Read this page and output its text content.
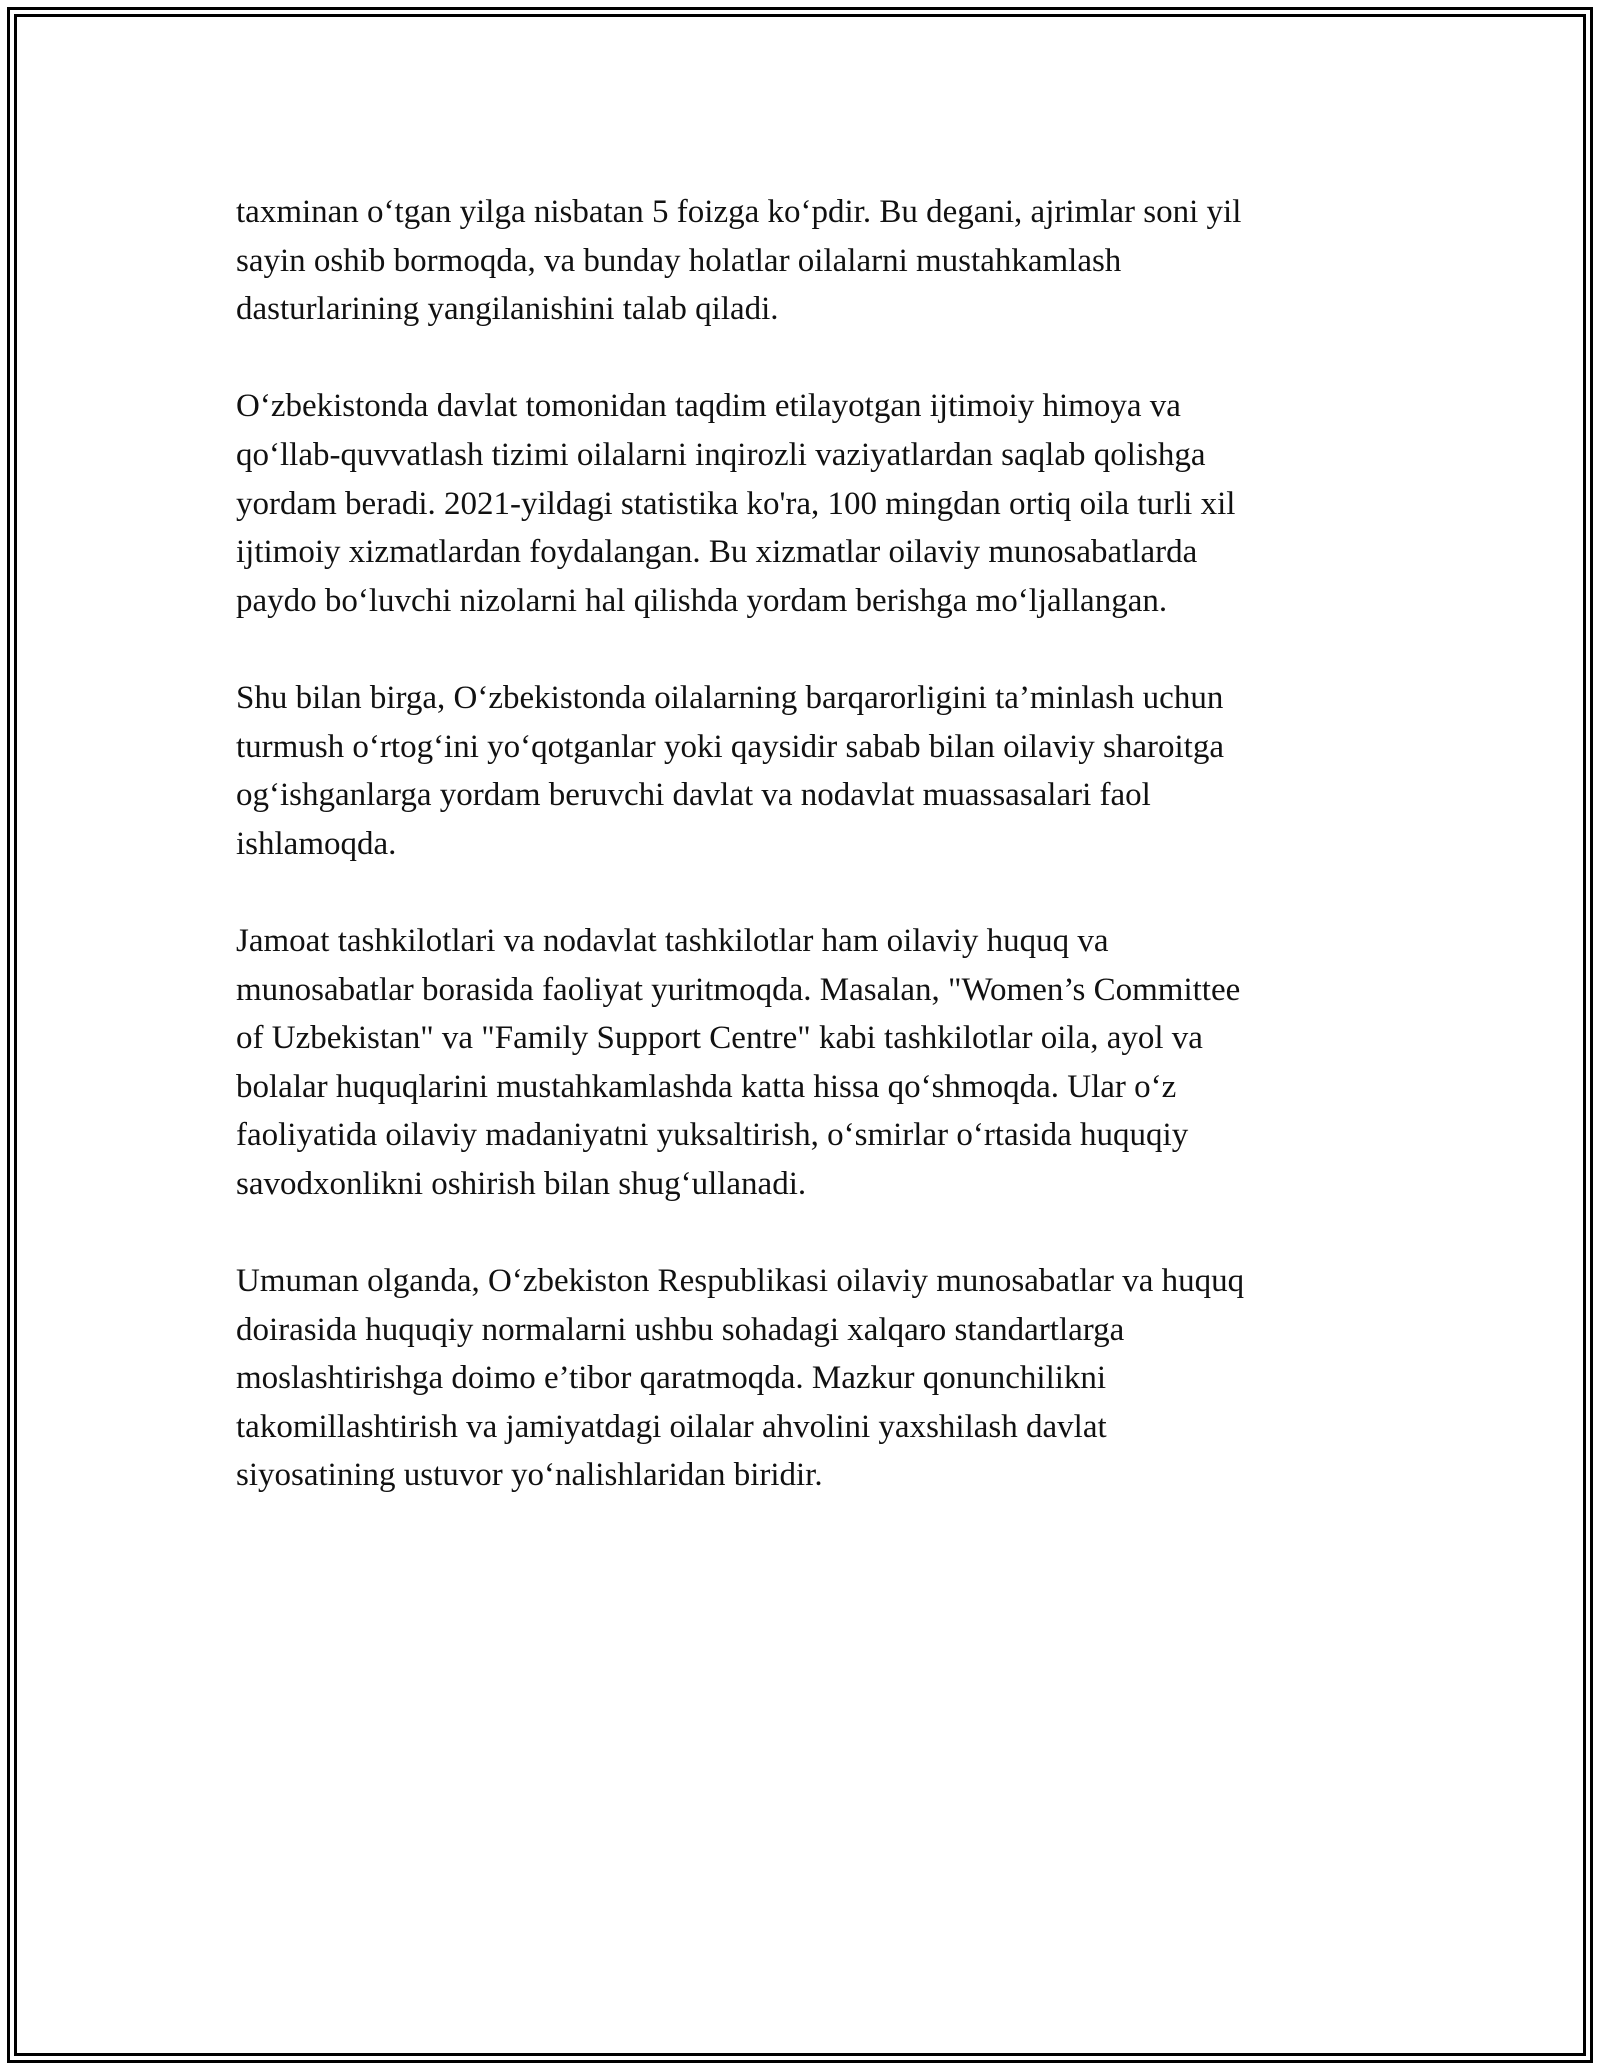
taxminan o‘tgan yilga nisbatan 5 foizga ko‘pdir. Bu degani, ajrimlar soni yil
sayin oshib bormoqda, va bunday holatlar oilalarni mustahkamlash
dasturlarining yangilanishini talab qiladi.

O‘zbekistonda davlat tomonidan taqdim etilayotgan ijtimoiy himoya va
qo‘llab-quvvatlash tizimi oilalarni inqirozli vaziyatlardan saqlab qolishga
yordam beradi. 2021-yildagi statistika ko'ra, 100 mingdan ortiq oila turli xil
ijtimoiy xizmatlardan foydalangan. Bu xizmatlar oilaviy munosabatlarda
paydo bo‘luvchi nizolarni hal qilishda yordam berishga mo‘ljallangan.

Shu bilan birga, O‘zbekistonda oilalarning barqarorligini ta’minlash uchun
turmush o‘rtog‘ini yo‘qotganlar yoki qaysidir sabab bilan oilaviy sharoitga
og‘ishganlarga yordam beruvchi davlat va nodavlat muassasalari faol
ishlamoqda.

Jamoat tashkilotlari va nodavlat tashkilotlar ham oilaviy huquq va
munosabatlar borasida faoliyat yuritmoqda. Masalan, "Women’s Committee
of Uzbekistan" va "Family Support Centre" kabi tashkilotlar oila, ayol va
bolalar huquqlarini mustahkamlashda katta hissa qo‘shmoqda. Ular o‘z
faoliyatida oilaviy madaniyatni yuksaltirish, o‘smirlar o‘rtasida huquqiy
savodxonlikni oshirish bilan shug‘ullanadi.

Umuman olganda, O‘zbekiston Respublikasi oilaviy munosabatlar va huquq
doirasida huquqiy normalarni ushbu sohadagi xalqaro standartlarga
moslashtirishga doimo e’tibor qaratmoqda. Mazkur qonunchilikni
takomillashtirish va jamiyatdagi oilalar ahvolini yaxshilash davlat
siyosatining ustuvor yo‘nalishlaridan biridir.
